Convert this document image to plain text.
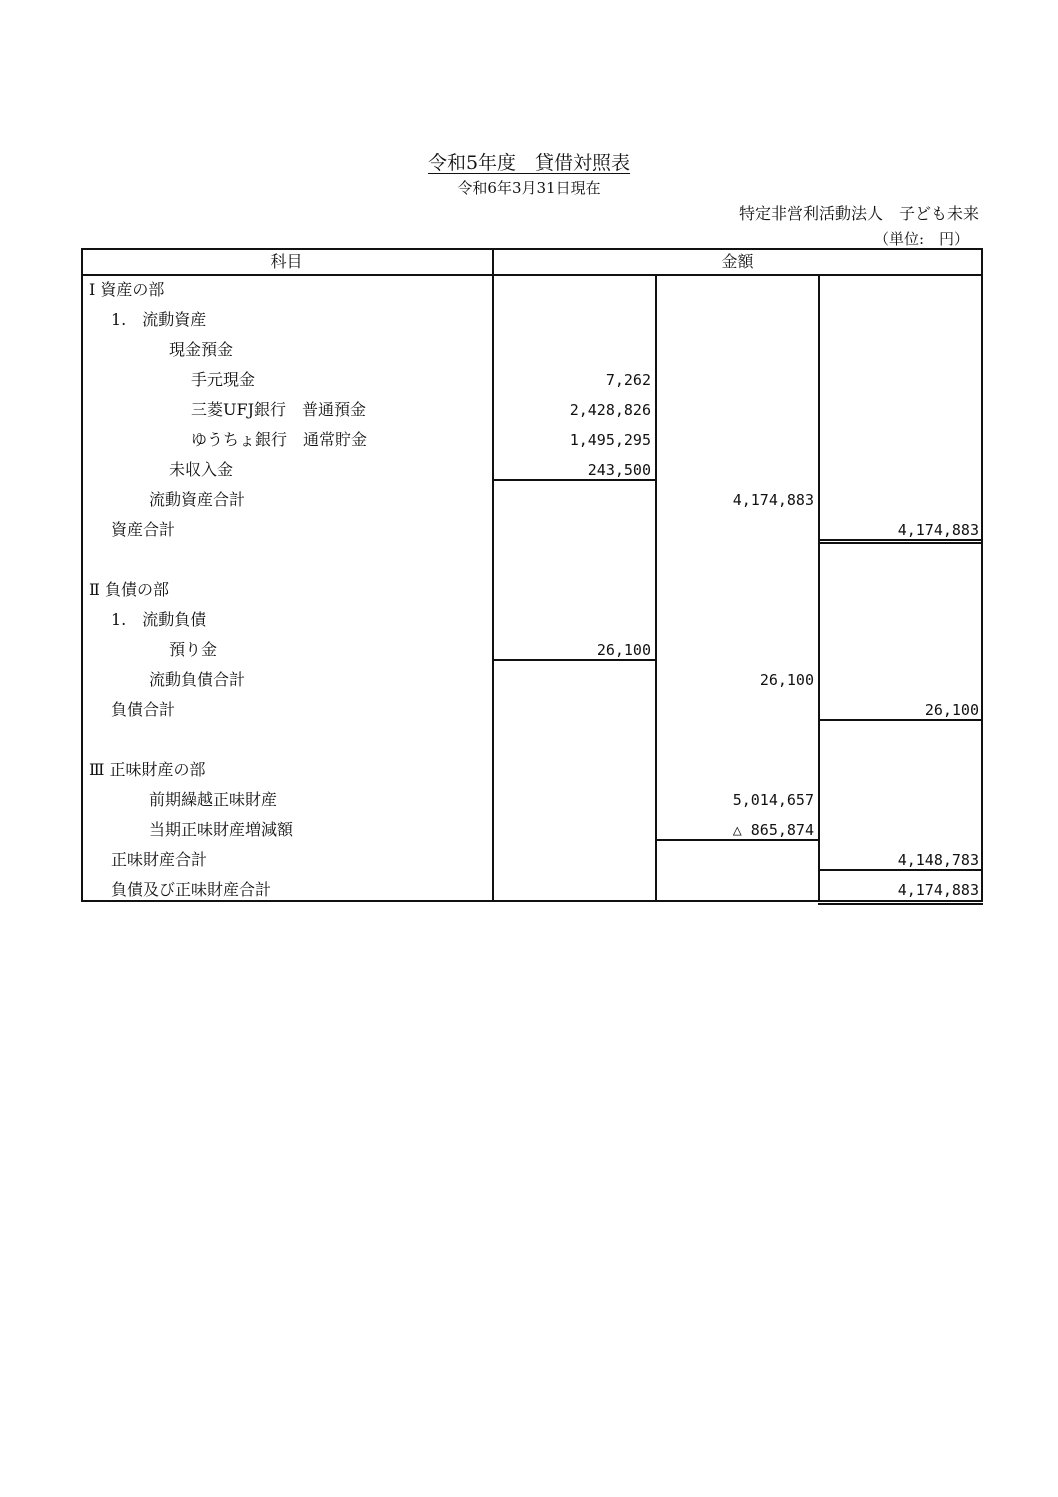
令和5年度　貸借対照表
令和6年3月31日現在
特定非営利活動法人　子ども未来
（単位:　円）
科目	金額
Ⅰ 資産の部
1.　流動資産
現金預金
手元現金	7,262
三菱UFJ銀行　普通預金	2,428,826
ゆうちょ銀行　通常貯金	1,495,295
未収入金	243,500
流動資産合計	4,174,883
資産合計	4,174,883
Ⅱ 負債の部
1.　流動負債
預り金	26,100
流動負債合計	26,100
負債合計	26,100
Ⅲ 正味財産の部
前期繰越正味財産	5,014,657
当期正味財産増減額	△ 865,874
正味財産合計	4,148,783
負債及び正味財産合計	4,174,883
